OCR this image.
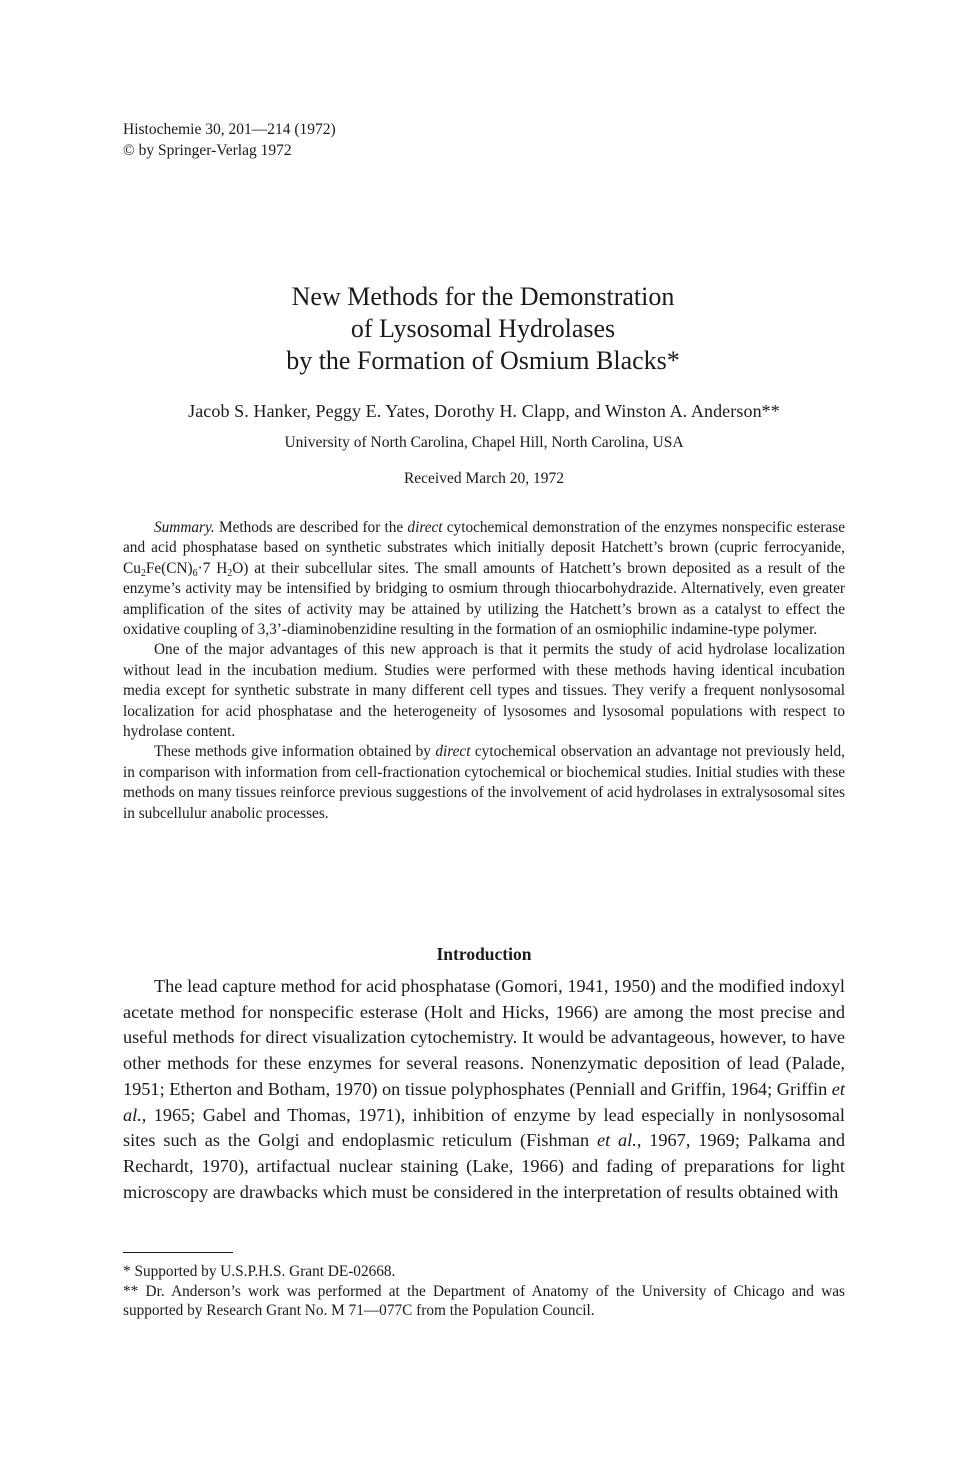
Histochemie 30, 201—214 (1972)
© by Springer-Verlag 1972
New Methods for the Demonstration
of Lysosomal Hydrolases
by the Formation of Osmium Blacks*
Jacob S. Hanker, Peggy E. Yates, Dorothy H. Clapp, and Winston A. Anderson**
University of North Carolina, Chapel Hill, North Carolina, USA
Received March 20, 1972

Summary. Methods are described for the direct cytochemical demonstration of the enzymes nonspecific esterase and acid phosphatase based on synthetic substrates which initially deposit Hatchett’s brown (cupric ferrocyanide, $Cu_2Fe(CN)_6\cdot 7$ $H_2O$) at their subcellular sites. The small amounts of Hatchett’s brown deposited as a result of the enzyme’s activity may be intensified by bridging to osmium through thiocarbohydrazide. Alternatively, even greater amplification of the sites of activity may be attained by utilizing the Hatchett’s brown as a catalyst to effect the oxidative coupling of 3,3’-diaminobenzidine resulting in the formation of an osmiophilic indamine-type polymer.

One of the major advantages of this new approach is that it permits the study of acid hydrolase localization without lead in the incubation medium. Studies were performed with these methods having identical incubation media except for synthetic substrate in many different cell types and tissues. They verify a frequent nonlysosomal localization for acid phosphatase and the heterogeneity of lysosomes and lysosomal populations with respect to hydrolase content.

These methods give information obtained by direct cytochemical observation an advantage not previously held, in comparison with information from cell-fractionation cytochemical or biochemical studies. Initial studies with these methods on many tissues reinforce previous suggestions of the involvement of acid hydrolases in extralysosomal sites in subcellulur anabolic processes.

Introduction

The lead capture method for acid phosphatase (Gomori, 1941, 1950) and the modified indoxyl acetate method for nonspecific esterase (Holt and Hicks, 1966) are among the most precise and useful methods for direct visualization cytochemistry. It would be advantageous, however, to have other methods for these enzymes for several reasons. Nonenzymatic deposition of lead (Palade, 1951; Etherton and Botham, 1970) on tissue polyphosphates (Penniall and Griffin, 1964; Griffin et al., 1965; Gabel and Thomas, 1971), inhibition of enzyme by lead especially in nonlysosomal sites such as the Golgi and endoplasmic reticulum (Fishman et al., 1967, 1969; Palkama and Rechardt, 1970), artifactual nuclear staining (Lake, 1966) and fading of preparations for light microscopy are drawbacks which must be considered in the interpretation of results obtained with

* Supported by U.S.P.H.S. Grant DE-02668.

** Dr. Anderson’s work was performed at the Department of Anatomy of the University of Chicago and was supported by Research Grant No. M 71—077C from the Population Council.
